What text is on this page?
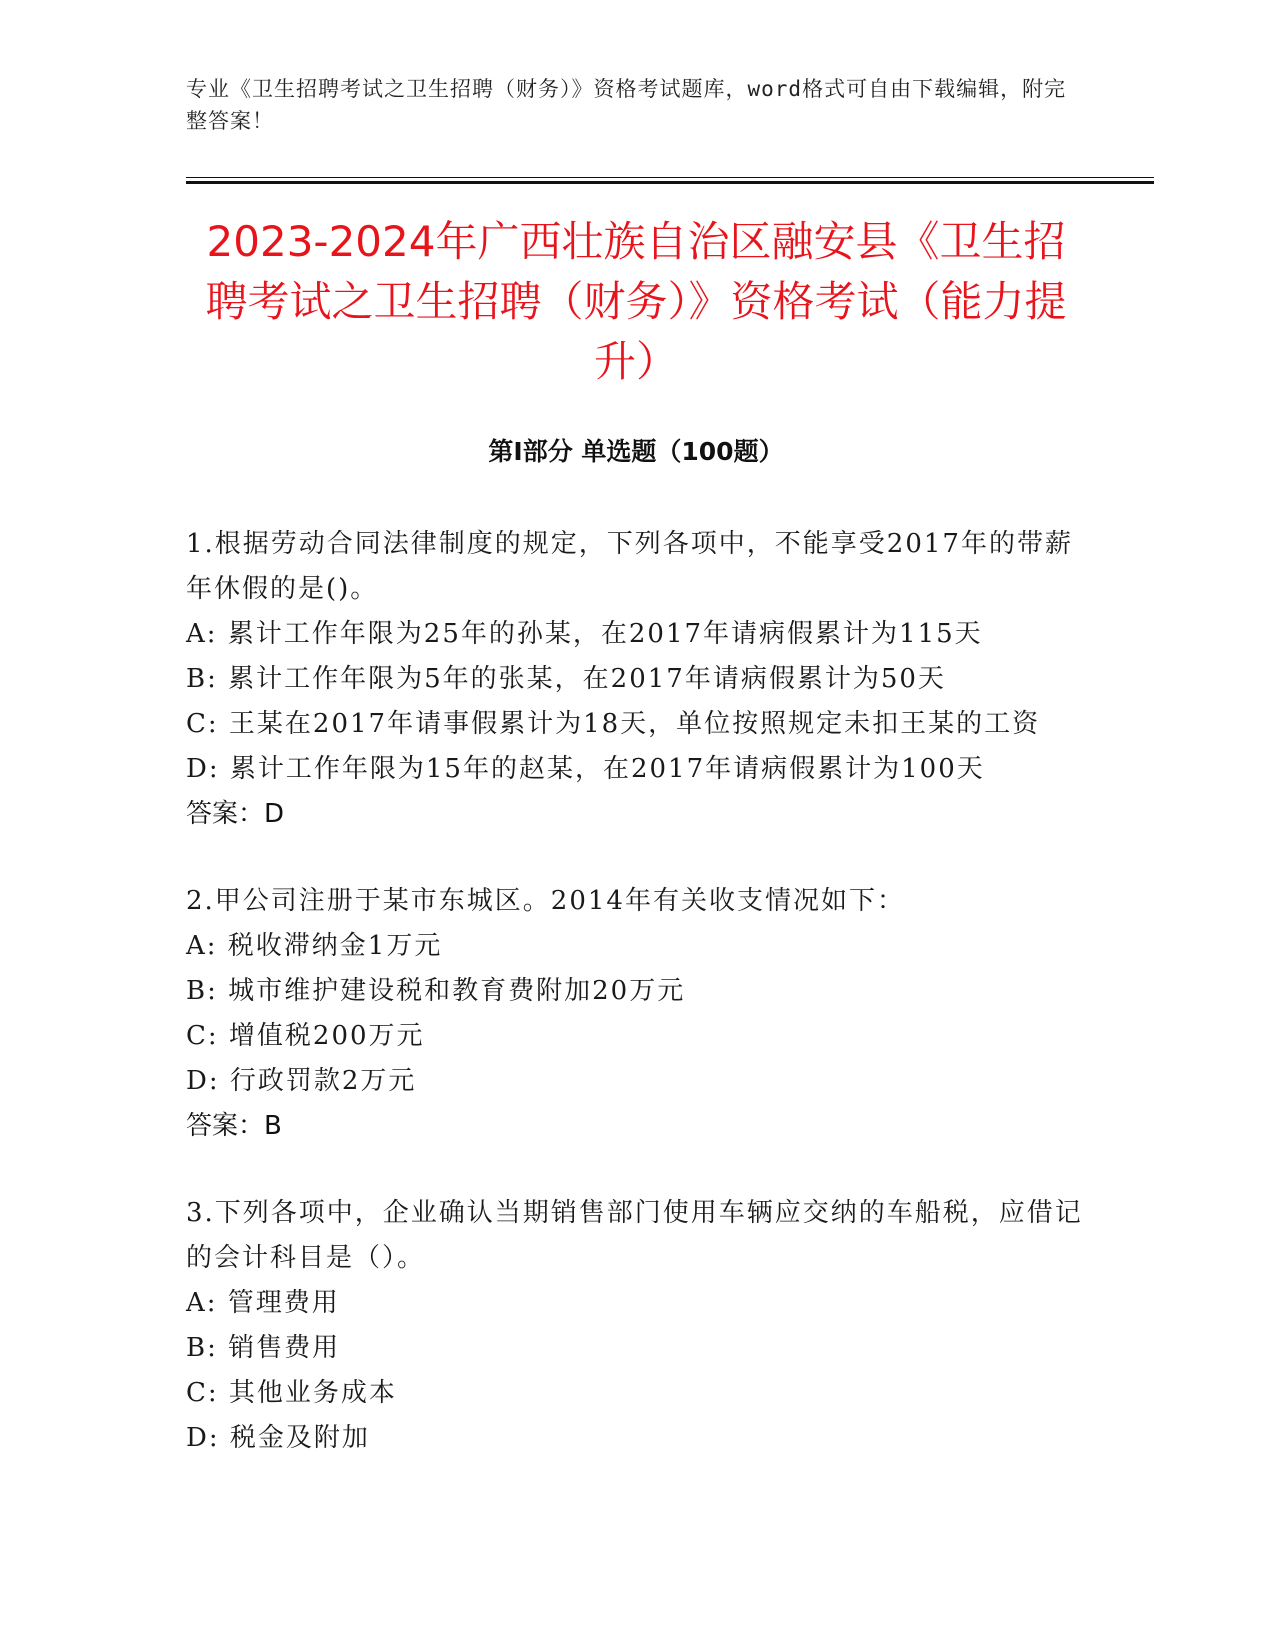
专业《卫生招聘考试之卫生招聘（财务）》资格考试题库，word格式可自由下载编辑，附完整答案！
2023-2024年广西壮族自治区融安县《卫生招聘考试之卫生招聘（财务）》资格考试（能力提升）
第I部分 单选题（100题）
1.根据劳动合同法律制度的规定，下列各项中，不能享受2017年的带薪年休假的是()。
A: 累计工作年限为25年的孙某，在2017年请病假累计为115天
B: 累计工作年限为5年的张某，在2017年请病假累计为50天
C: 王某在2017年请事假累计为18天，单位按照规定未扣王某的工资
D: 累计工作年限为15年的赵某，在2017年请病假累计为100天
答案：D
2.甲公司注册于某市东城区。2014年有关收支情况如下：
A: 税收滞纳金1万元
B: 城市维护建设税和教育费附加20万元
C: 增值税200万元
D: 行政罚款2万元
答案：B
3.下列各项中，企业确认当期销售部门使用车辆应交纳的车船税，应借记的会计科目是（）。
A: 管理费用
B: 销售费用
C: 其他业务成本
D: 税金及附加
